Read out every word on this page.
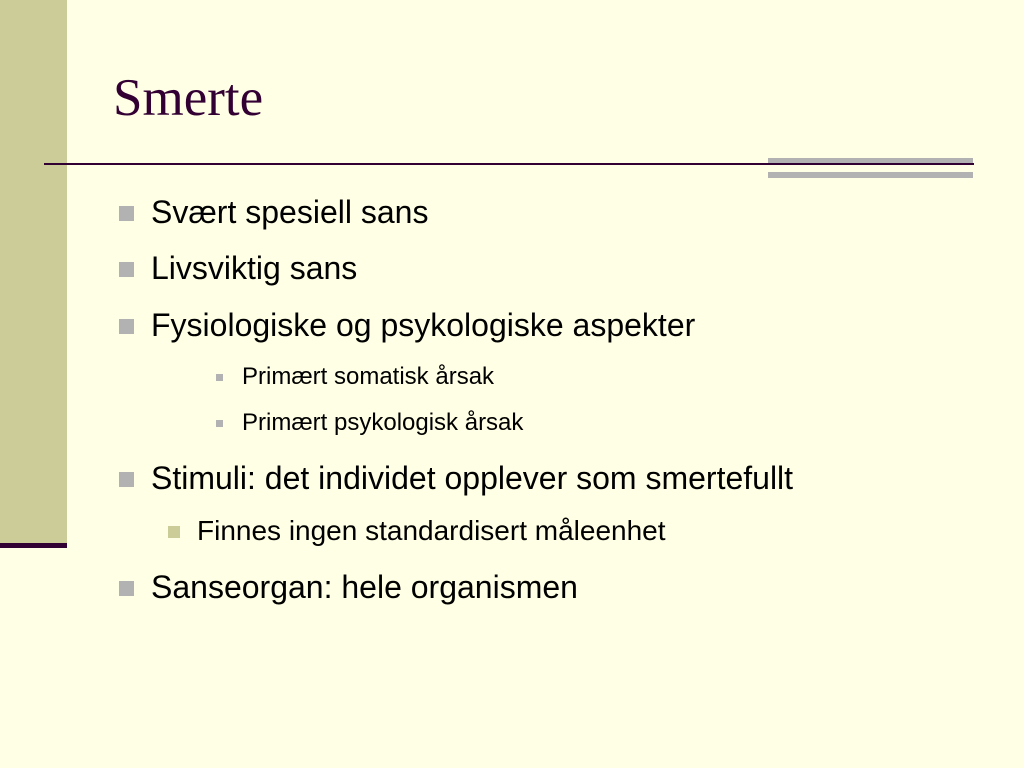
Smerte
Svært spesiell sans
Livsviktig sans
Fysiologiske og psykologiske aspekter
Primært somatisk årsak
Primært psykologisk årsak
Stimuli: det individet opplever som smertefullt
Finnes ingen standardisert måleenhet
Sanseorgan: hele organismen
